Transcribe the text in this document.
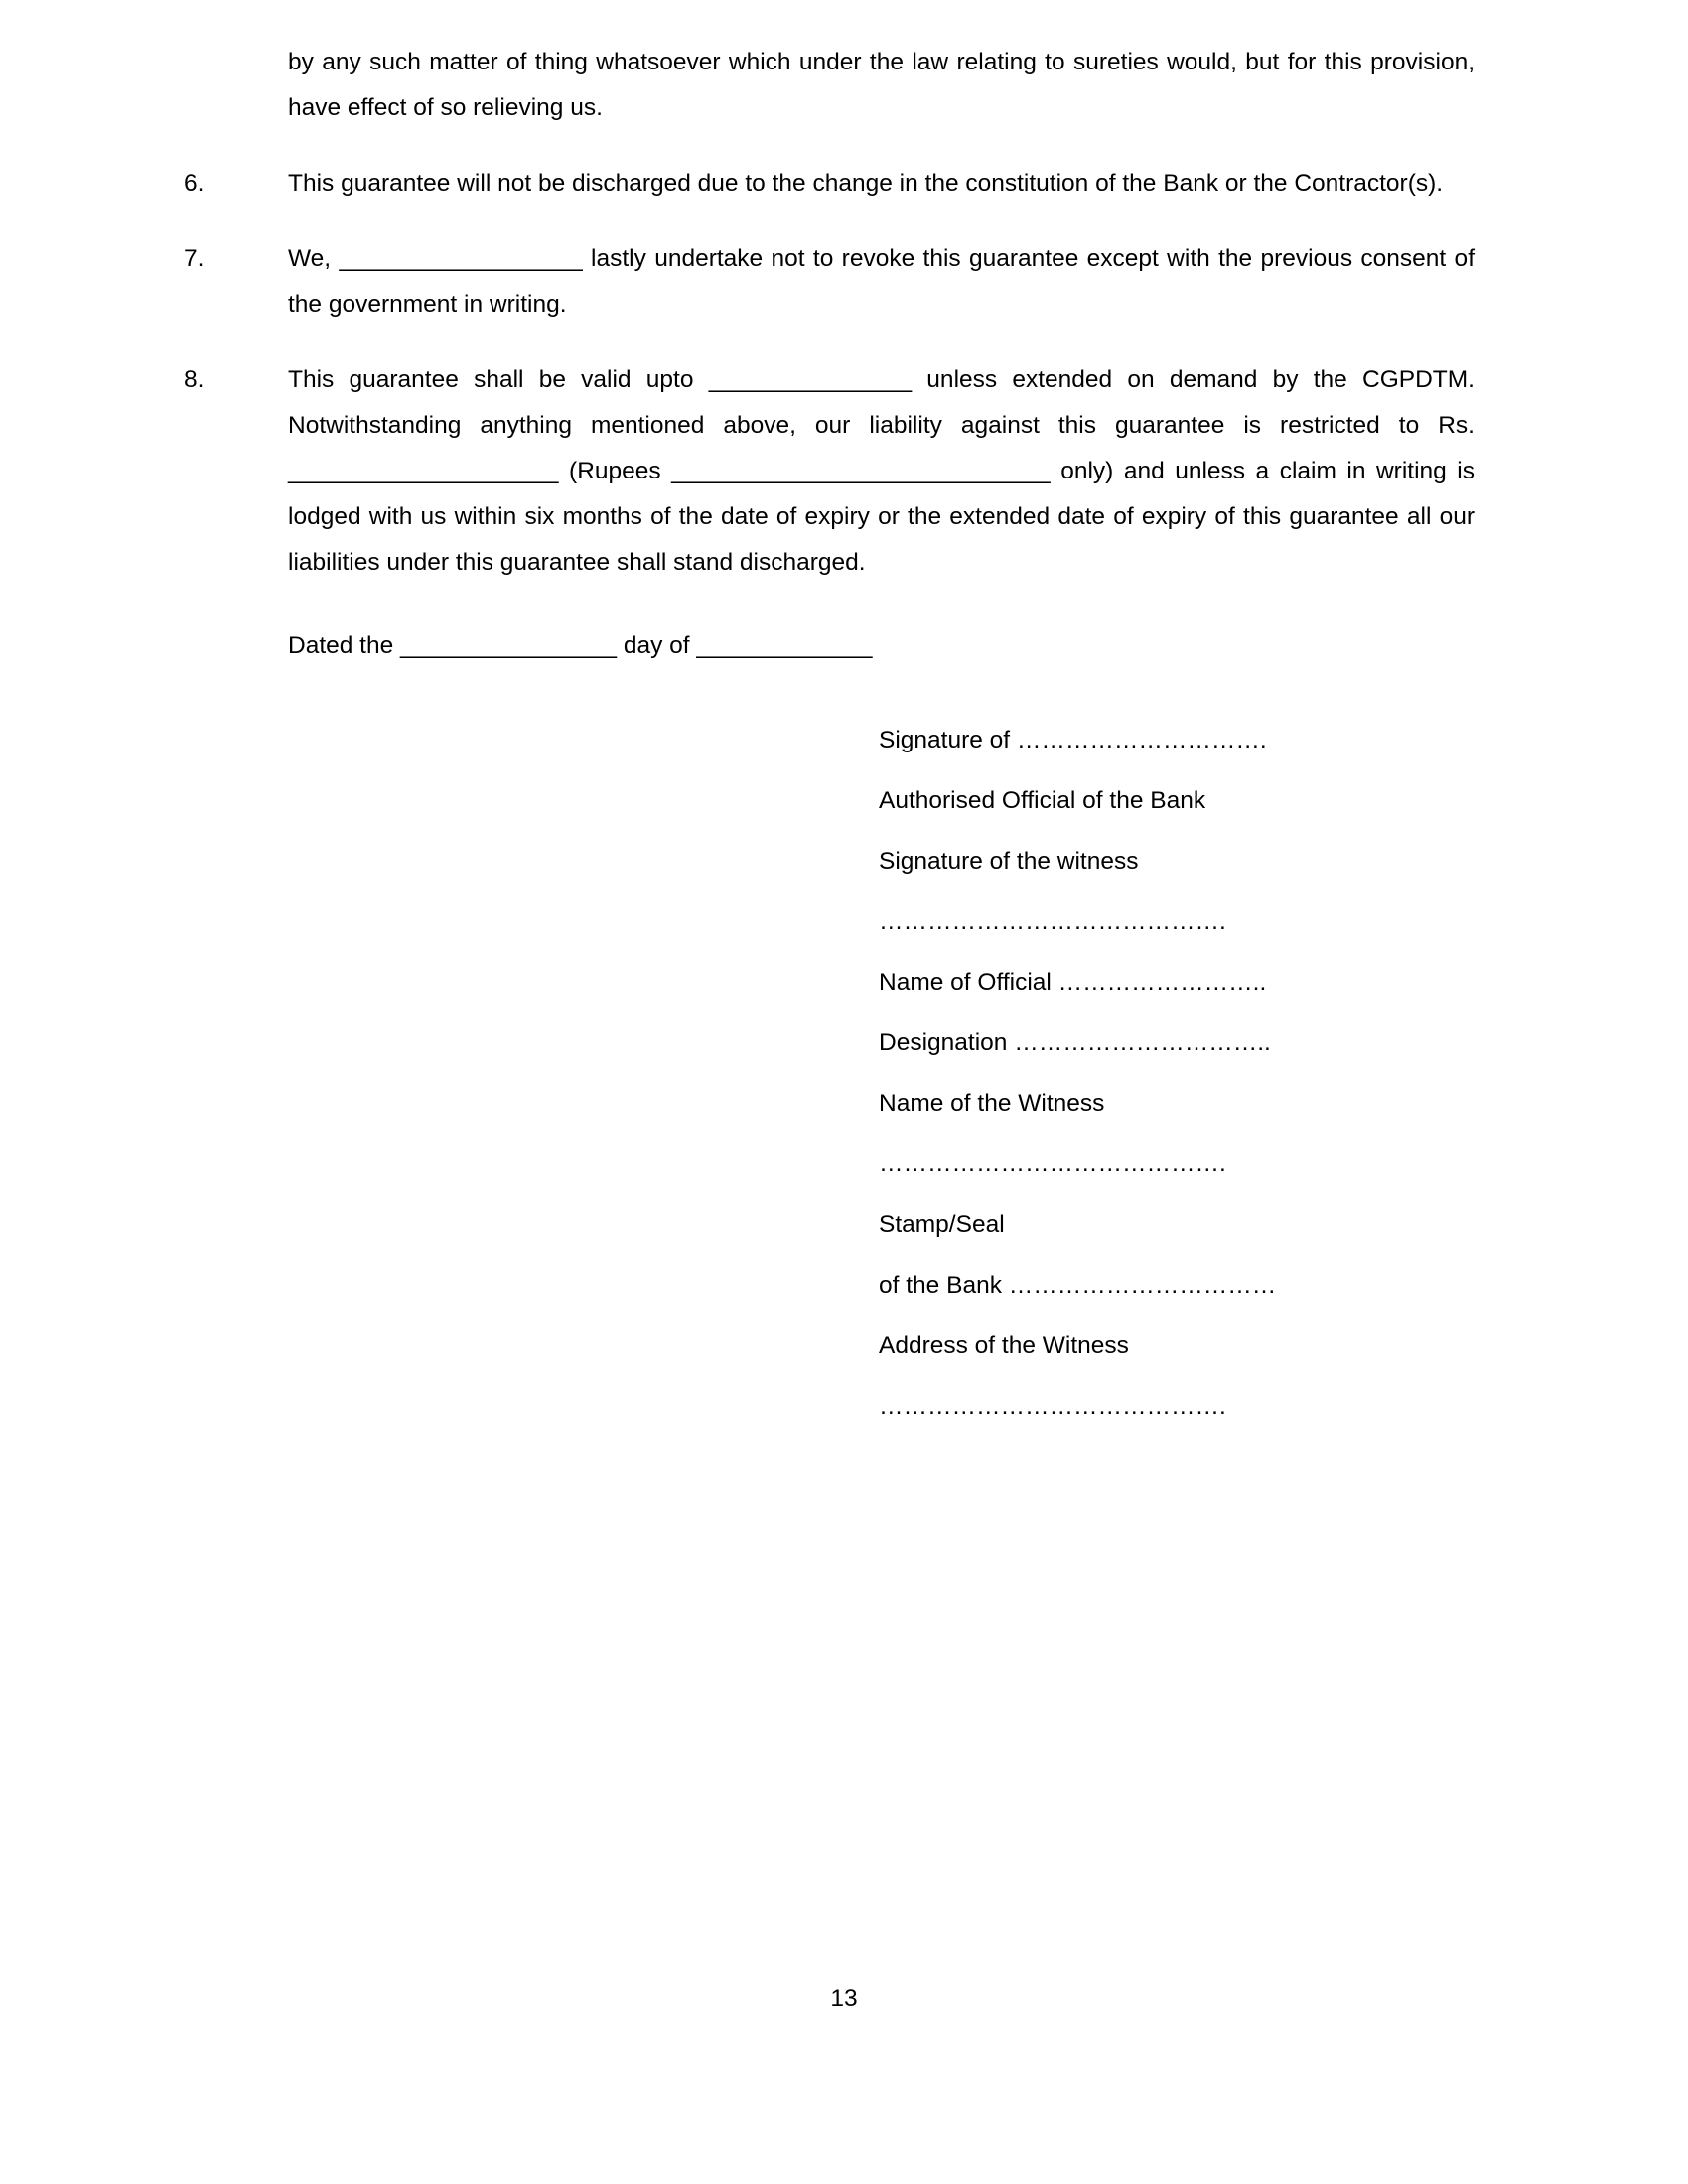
by any such matter of thing whatsoever which under the law relating to sureties would, but for this provision, have effect of so relieving us.
6.	This guarantee will not be discharged due to the change in the constitution of the Bank or the Contractor(s).
7.	We, __________________ lastly undertake not to revoke this guarantee except with the previous consent of the government in writing.
8.	This guarantee shall be valid upto _______________ unless extended on demand by the CGPDTM. Notwithstanding anything mentioned above, our liability against this guarantee is restricted to Rs. ____________________ (Rupees ____________________________ only) and unless a claim in writing is lodged with us within six months of the date of expiry or the extended date of expiry of this guarantee all our liabilities under this guarantee shall stand discharged.
Dated the ________________ day of _____________
Signature of ………………………….
Authorised Official of the Bank
Signature of the witness
…………………………………….
Name of Official ……………………..
Designation …………………………..
Name of the Witness
…………………………………….
Stamp/Seal
of the Bank ……………………………
Address of the Witness
…………………………………….
13
